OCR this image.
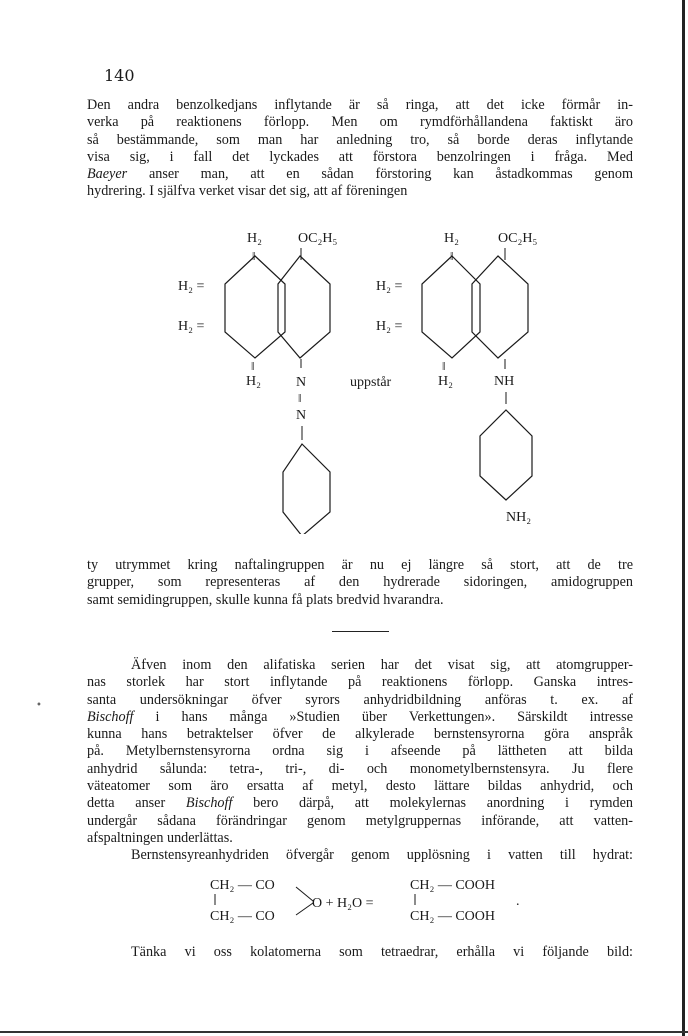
•
140
Den andra benzolkedjans inflytande är så ringa, att det icke förmår in-
verka på reaktionens förlopp. Men om rymdförhållandena faktiskt äro
så bestämmande, som man har anledning tro, så borde deras inflytande
visa sig, i fall det lyckades att förstora benzolringen i fråga. Med
Baeyer anser man, att en sådan förstoring kan åstadkommas genom
hydrering. I själfva verket visar det sig, att af föreningen
H₂
‖
OC₂H₅
H₂ =
H₂ =
‖
H₂	N
‖
N
uppstår
H₂
‖
OC₂H₅
H₂ =
H₂ =
‖
H₂	NH
NH₂
ty utrymmet kring naftalingruppen är nu ej längre så stort, att de tre
grupper, som representeras af den hydrerade sidoringen, amidogruppen
samt semidingruppen, skulle kunna få plats bredvid hvarandra.
Äfven inom den alifatiska serien har det visat sig, att atomgrupper-
nas storlek har stort inflytande på reaktionens förlopp. Ganska intres-
santa undersökningar öfver syrors anhydridbildning anföras t. ex. af
Bischoff i hans många »Studien über Verkettungen». Särskildt intresse
kunna hans betraktelser öfver de alkylerade bernstensyrorna göra anspråk
på. Metylbernstensyrorna ordna sig i afseende på lättheten att bilda
anhydrid sålunda: tetra-, tri-, di- och monometylbernstensyra. Ju flere
väteatomer som äro ersatta af metyl, desto lättare bildas anhydrid, och
detta anser Bischoff bero därpå, att molekylernas anordning i rymden
undergår sådana förändringar genom metylgruppernas införande, att vatten-
afspaltningen underlättas.
Bernstensyreanhydriden öfvergår genom upplösning i vatten till hydrat:
CH₂ — CO
CH₂ — CO
O + H₂O =
CH₂ — COOH
CH₂ — COOH
.
Tänka vi oss kolatomerna som tetraedrar, erhålla vi följande bild:
